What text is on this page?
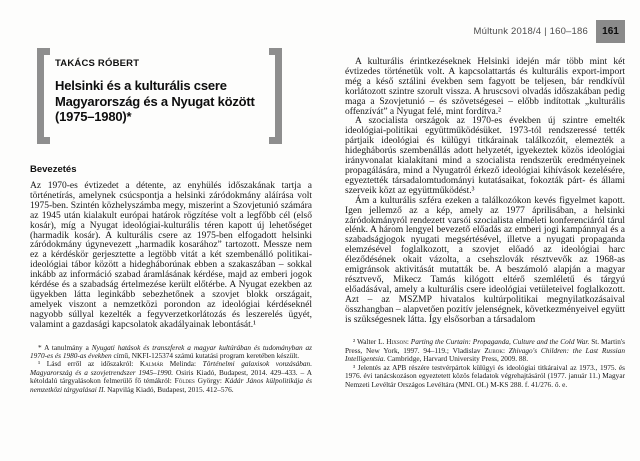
TAKÁCS RÓBERT
Helsinki és a kulturális csere Magyarország és a Nyugat között (1975–1980)*
Bevezetés

Az 1970-es évtizedet a détente, az enyhülés időszakának tartja a történetírás, amelynek csúcspontja a helsinki záródokmány aláírása volt 1975-ben. Szintén közhelyszámba megy, miszerint a Szovjetunió számára az 1945 után kialakult európai határok rögzítése volt a legfőbb cél (első kosár), míg a Nyugat ideológiai-kulturális téren kapott új lehetőséget (harmadik kosár). A kulturális csere az 1975-ben elfogadott helsinki záródokmány úgynevezett „harmadik kosarához” tartozott. Messze nem ez a kérdéskör gerjesztette a legtöbb vitát a két szembenálló politikai-ideológiai tábor között a hidegháborúnak ebben a szakaszában – sokkal inkább az információ szabad áramlásának kérdése, majd az emberi jogok kérdése és a szabadság értelmezése került előtérbe. A Nyugat ezekben az ügyekben látta leginkább sebezhetőnek a szovjet blokk országait, amelyek viszont a nemzetközi porondon az ideológiai kérdéseknél nagyobb súllyal kezelték a fegyverzetkorlátozás és leszerelés ügyét, valamint a gazdasági kapcsolatok akadályainak lebontását.¹

* A tanulmány a Nyugati hatások és transzferek a magyar kultúrában és tudományban az 1970-es és 1980-as években című, NKFI-125374 számú kutatási program keretében készült.

¹ Lásd erről az időszakról: Kalmár Melinda: Történelmi galaxisok vonzásában. Magyarország és a szovjetrendszer 1945–1990. Osiris Kiadó, Budapest, 2014. 429–433. – A kétoldalú tárgyalásokon felmerülő fő témákról: Földes György: Kádár János külpolitikája és nemzetközi tárgyalásai II. Napvilág Kiadó, Budapest, 2015. 412–576.

Múltunk 2018/4 | 160–186	161

A kulturális érintkezéseknek Helsinki idején már több mint két évtizedes történetük volt. A kapcsolattartás és kulturális export-import még a késő sztálini években sem fagyott be teljesen, bár rendkívül korlátozott szintre szorult vissza. A hruscsovi olvadás időszakában pedig maga a Szovjetunió – és szövetségesei – előbb indítottak „kulturális offenzívát” a Nyugat felé, mint fordítva.²

A szocialista országok az 1970-es években új szintre emelték ideológiai-politikai együttműködésüket. 1973-tól rendszeressé tették pártjaik ideológiai és külügyi titkárainak találkozóit, elemezték a hidegháborús szembenállás adott helyzetét, igyekeztek közös ideológiai irányvonalat kialakítani mind a szocialista rendszerük eredményeinek propagálására, mind a Nyugatról érkező ideológiai kihívások kezelésére, egyeztették társadalomtudományi kutatásaikat, fokozták párt- és állami szerveik közt az együttműködést.³

Ám a kulturális szféra ezeken a találkozókon kevés figyelmet kapott. Igen jellemző az a kép, amely az 1977 áprilisában, a helsinki záródokmányról rendezett varsói szocialista elméleti konferenciáról tárul elénk. A három lengyel bevezető előadás az emberi jogi kampánnyal és a szabadságjogok nyugati megsértésével, illetve a nyugati propaganda elemzésével foglalkozott, a szovjet előadó az ideológiai harc éleződésének okait vázolta, a csehszlovák résztvevők az 1968-as emigránsok aktivitását mutatták be. A beszámoló alapján a magyar résztvevő, Mikecz Tamás kilógott eltérő szemléletű és tárgyú előadásával, amely a kulturális csere ideológiai vetületeivel foglalkozott. Azt – az MSZMP hivatalos kultúrpolitikai megnyilatkozásaival összhangban – alapvetően pozitív jelenségnek, következményeivel együtt is szükségesnek látta. Így elsősorban a társadalom

² Walter L. Hixson: Parting the Curtain: Propaganda, Culture and the Cold War. St. Martin's Press, New York, 1997. 94–119.; Vladislav Zubok: Zhivago's Children: the Last Russian Intelligentsia. Cambridge, Harvard University Press, 2009. 88.

³ Jelentés az APB részére testvérpártok külügyi és ideológiai titkáraival az 1973., 1975. és 1976. évi tanácskozáson egyeztetett közös feladatok végrehajtásáról (1977. január 11.) Magyar Nemzeti Levéltár Országos Levéltára (MNL OL) M-KS 288. f. 41/276. ő. e.
